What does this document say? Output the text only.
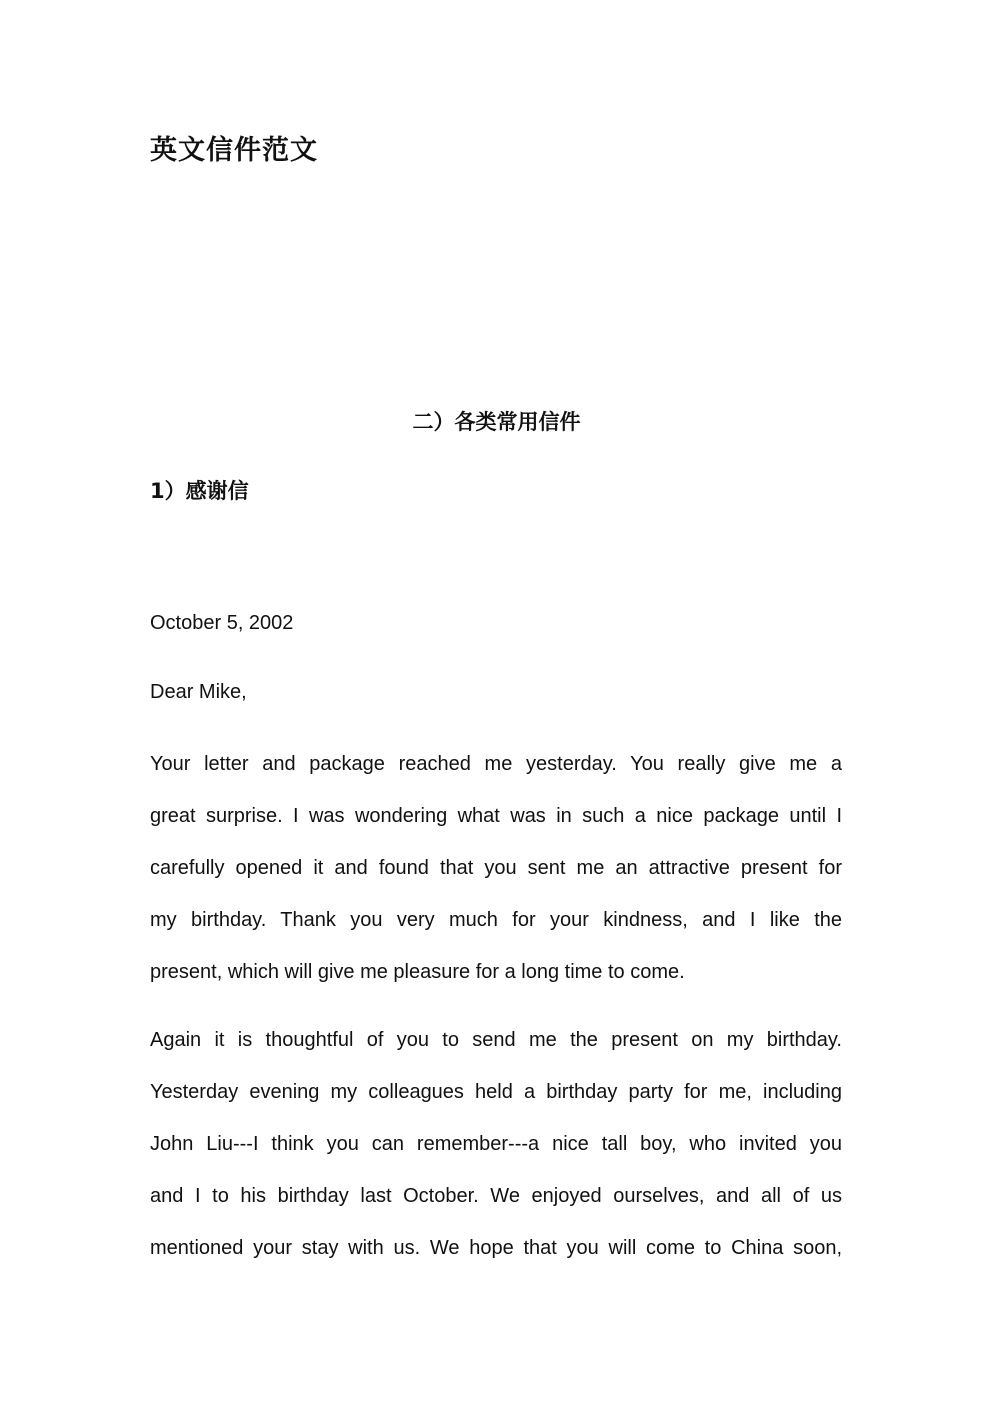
英文信件范文
二）各类常用信件
1）感谢信

October 5, 2002

Dear Mike,

Your letter and package reached me yesterday. You really give me a
great surprise. I was wondering what was in such a nice package until I
carefully opened it and found that you sent me an attractive present for
my birthday. Thank you very much for your kindness, and I like the
present, which will give me pleasure for a long time to come.
Again it is thoughtful of you to send me the present on my birthday.
Yesterday evening my colleagues held a birthday party for me, including
John Liu---I think you can remember---a nice tall boy, who invited you
and I to his birthday last October. We enjoyed ourselves, and all of us
mentioned your stay with us. We hope that you will come to China soon,
